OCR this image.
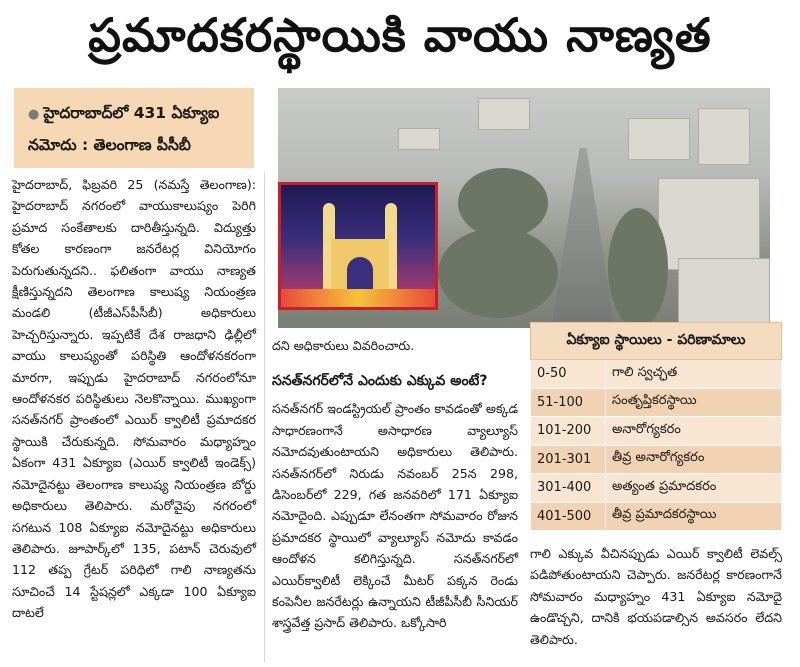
ప్రమాదకరస్థాయికి వాయు నాణ్యత
● హైదరాబాద్‌లో 431 ఏక్యూఐ
నమోదు : తెలంగాణ పీసీబీ

హైదరాబాద్‌, ఫిబ్రవరి 25 (నమస్తే తెలంగాణ): హైదరాబాద్‌ నగరంలో వాయుకాలుష్యం పెరిగి ప్రమాద సంకేతాలకు దారితీస్తున్నది. విద్యుత్తు కోతల కారణంగా జనరేటర్ల వినియోగం పెరుగుతున్నదని.. ఫలితంగా వాయు నాణ్యత క్షీణిస్తున్నదని తెలంగాణ కాలుష్య నియంత్రణ మండలి (టీజీఎస్‌పీసీబీ) అధికారులు హెచ్చరిస్తున్నారు. ఇప్పటికే దేశ రాజధాని ఢిల్లీలో వాయు కాలుష్యంతో పరిస్థితి ఆందోళనకరంగా మారగా, ఇప్పుడు హైదరాబాద్‌ నగరంలోనూ ఆందోళనకర పరిస్థితులు నెలకొన్నాయి. ముఖ్యంగా సనత్‌నగర్‌ ప్రాంతంలో ఎయిర్‌ క్వాలిటీ ప్రమాదకర స్థాయికి చేరుకున్నది. సోమవారం మధ్యాహ్నం ఏకంగా 431 ఏక్యూఐ (ఎయిర్‌ క్వాలిటీ ఇండెక్స్‌) నమోదైనట్టు తెలంగాణ కాలుష్య నియంత్రణ బోర్డు అధికారులు తెలిపారు. మరోవైపు నగరంలో సగటున 108 ఏక్యూఐ నమోదైనట్టు అధికారులు తెలిపారు. జూపార్క్‌లో 135, పటాన్‌ చెరువులో 112 తప్ప గ్రేటర్‌ పరిధిలో గాలి నాణ్యతను సూచించే 14 స్టేషన్లలో ఎక్కడా 100 ఏక్యూఐ దాటలే

దని అధికారులు వివరించారు.

సనత్‌నగర్‌లోనే ఎందుకు ఎక్కువ అంటే?

సనత్‌నగర్‌ ఇండస్ట్రియల్‌ ప్రాంతం కావడంతో అక్కడ సాధారణంగానే అసాధారణ వ్యాల్యూస్‌ నమోదవుతుంటాయని అధికారులు తెలిపారు. సనత్‌నగర్‌లో నిరుడు నవంబర్‌ 25న 298, డిసెంబర్‌లో 229, గత జనవరిలో 171 ఏక్యూఐ నమోదైంది. ఎప్పుడూ లేనంతగా సోమవారం రోజున ప్రమాదకర స్థాయిలో వ్యాల్యూస్‌ నమోదు కావడం ఆందోళన కలిగిస్తున్నది. సనత్‌నగర్‌లో ఎయిర్‌క్వాలిటీ లెక్కించే మీటర్‌ పక్కన రెండు కంపెనీల జనరేటర్లు ఉన్నాయని టీజీపీసీబీ సీనియర్‌ శాస్త్రవేత్త ప్రసాద్‌ తెలిపారు. ఒక్కోసారి

ఏక్యూఐ స్థాయిలు - పరిణామాలు	
0-50	గాలి స్వచ్ఛత
51-100	సంతృప్తికరస్థాయి
101-200	అనారోగ్యకరం
201-301	తీవ్ర అనారోగ్యకరం
301-400	అత్యంత ప్రమాదకరం
401-500	తీవ్ర ప్రమాదకరస్థాయి

గాలి ఎక్కువ వీచినప్పుడు ఎయిర్‌ క్వాలిటీ లెవల్స్‌ పడిపోతుంటాయని చెప్పారు. జనరేటర్ల కారణంగానే సోమవారం మధ్యాహ్నం 431 ఏక్యూఐ నమోదై ఉండొచ్చని, దానికి భయపడాల్సిన అవసరం లేదని తెలిపారు.
